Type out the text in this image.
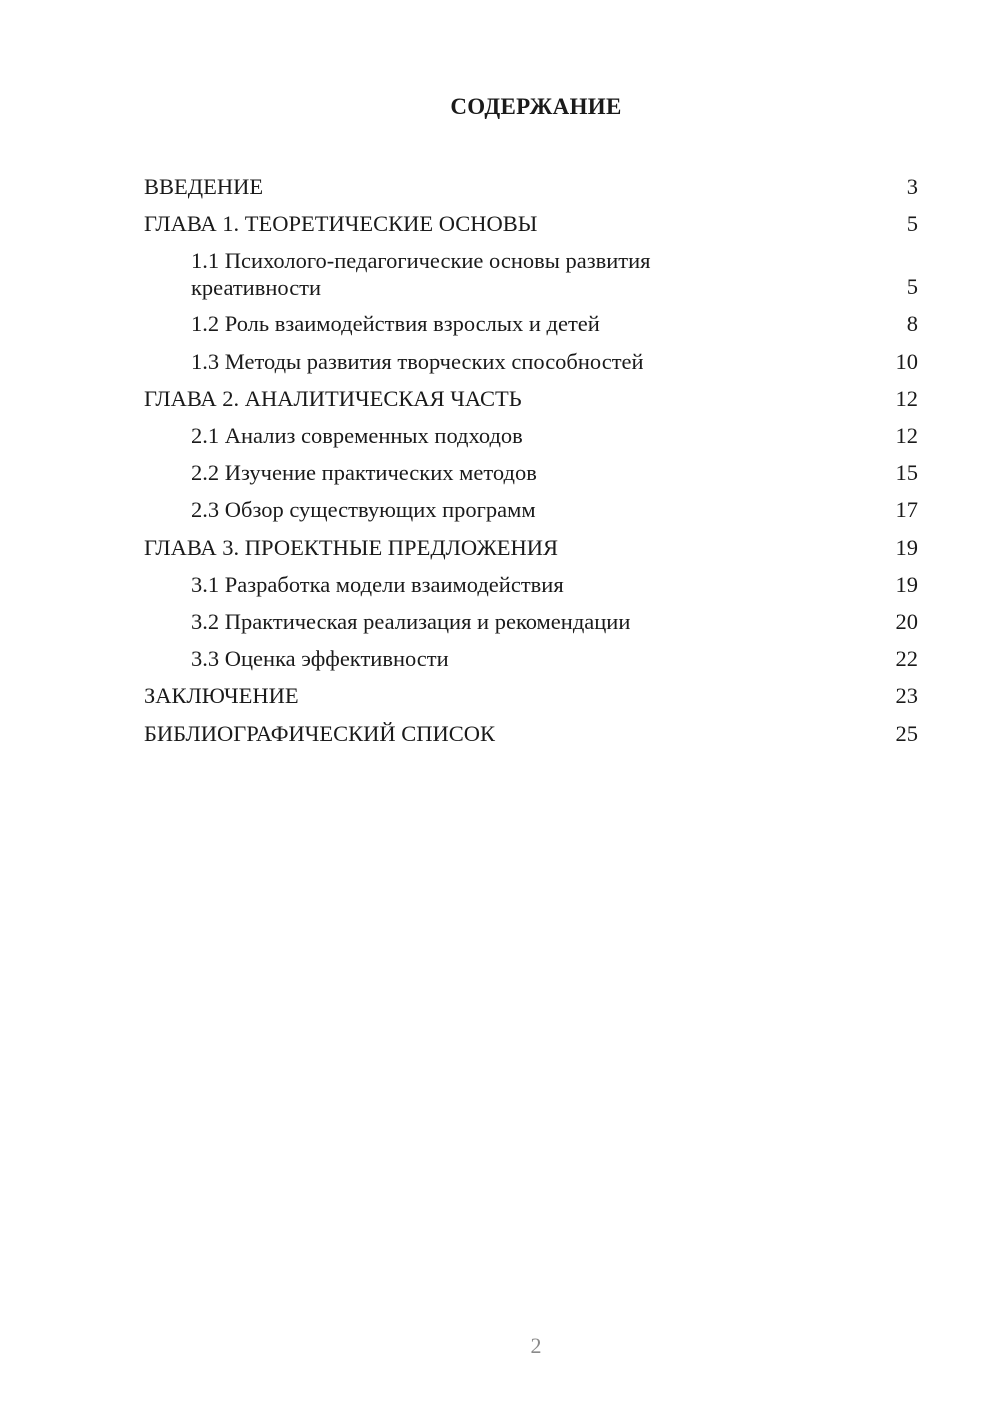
СОДЕРЖАНИЕ
ВВЕДЕНИЕ	3
ГЛАВА 1. ТЕОРЕТИЧЕСКИЕ ОСНОВЫ	5
1.1 Психолого-педагогические основы развития креативности	5
1.2 Роль взаимодействия взрослых и детей	8
1.3 Методы развития творческих способностей	10
ГЛАВА 2. АНАЛИТИЧЕСКАЯ ЧАСТЬ	12
2.1 Анализ современных подходов	12
2.2 Изучение практических методов	15
2.3 Обзор существующих программ	17
ГЛАВА 3. ПРОЕКТНЫЕ ПРЕДЛОЖЕНИЯ	19
3.1 Разработка модели взаимодействия	19
3.2 Практическая реализация и рекомендации	20
3.3 Оценка эффективности	22
ЗАКЛЮЧЕНИЕ	23
БИБЛИОГРАФИЧЕСКИЙ СПИСОК	25
2
